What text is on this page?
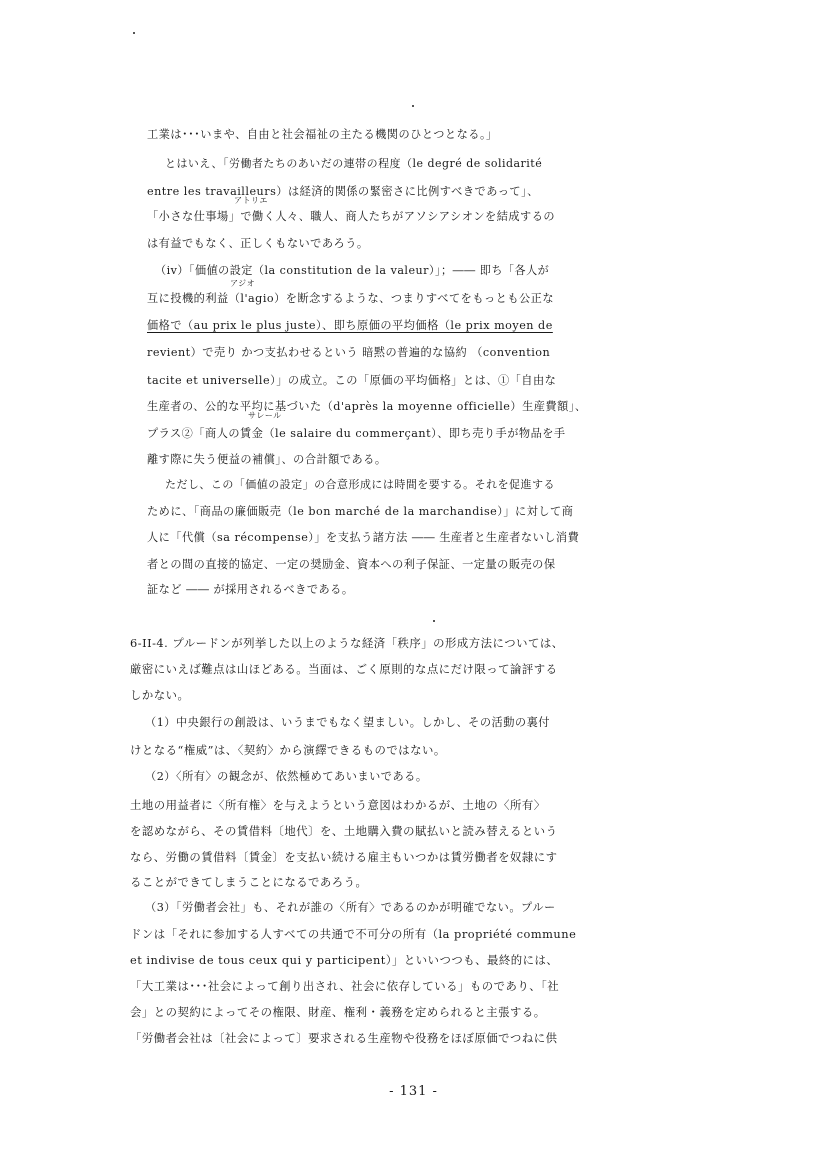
アトリエ
アジオ
サレール
工業は･･･いまや、自由と社会福祉の主たる機関のひとつとなる。」
とはいえ、「労働者たちのあいだの連帯の程度（le degré de solidarité
entre les travailleurs）は経済的関係の緊密さに比例すべきであって」、
「小さな仕事場」で働く人々、職人、商人たちがアソシアシオンを結成するの
は有益でもなく、正しくもないであろう。
（iv）「価値の設定（la constitution de la valeur）」；―― 即ち「各人が
互に投機的利益（l'agio）を断念するような、つまりすべてをもっとも公正な
価格で（au prix le plus juste）、即ち原価の平均価格（le prix moyen de
revient）で売り かつ支払わせるという 暗黙の普遍的な協約 （convention
tacite et universelle）」の成立。この「原価の平均価格」とは、①「自由な
生産者の、公的な平均に基づいた（d'après la moyenne officielle）生産費額」、
プラス②「商人の賃金（le salaire du commerçant）、即ち売り手が物品を手
離す際に失う便益の補償」、の合計額である。
ただし、この「価値の設定」の合意形成には時間を要する。それを促進する
ために、「商品の廉価販売（le bon marché de la marchandise）」に対して商
人に「代償（sa récompense）」を支払う諸方法 ―― 生産者と生産者ないし消費
者との間の直接的協定、一定の奨励金、資本への利子保証、一定量の販売の保
証など ―― が採用されるべきである。
6-II-4. プルードンが列挙した以上のような経済「秩序」の形成方法については、
厳密にいえば難点は山ほどある。当面は、ごく原則的な点にだけ限って論評する
しかない。
（1）中央銀行の創設は、いうまでもなく望ましい。しかし、その活動の裏付
けとなる“権威”は、〈契約〉から演繹できるものではない。
（2）〈所有〉の観念が、依然極めてあいまいである。
土地の用益者に〈所有権〉を与えようという意図はわかるが、土地の〈所有〉
を認めながら、その賃借料〔地代〕を、土地購入費の賦払いと読み替えるという
なら、労働の賃借料〔賃金〕を支払い続ける雇主もいつかは賃労働者を奴隷にす
ることができてしまうことになるであろう。
（3）「労働者会社」も、それが誰の〈所有〉であるのかが明確でない。プルー
ドンは「それに参加する人すべての共通で不可分の所有（la propriété commune
et indivise de tous ceux qui y participent）」といいつつも、最終的には、
「大工業は･･･社会によって創り出され、社会に依存している」ものであり、「社
会」との契約によってその権限、財産、権利・義務を定められると主張する。
「労働者会社は〔社会によって〕要求される生産物や役務をほぼ原価でつねに供
- 131 -
